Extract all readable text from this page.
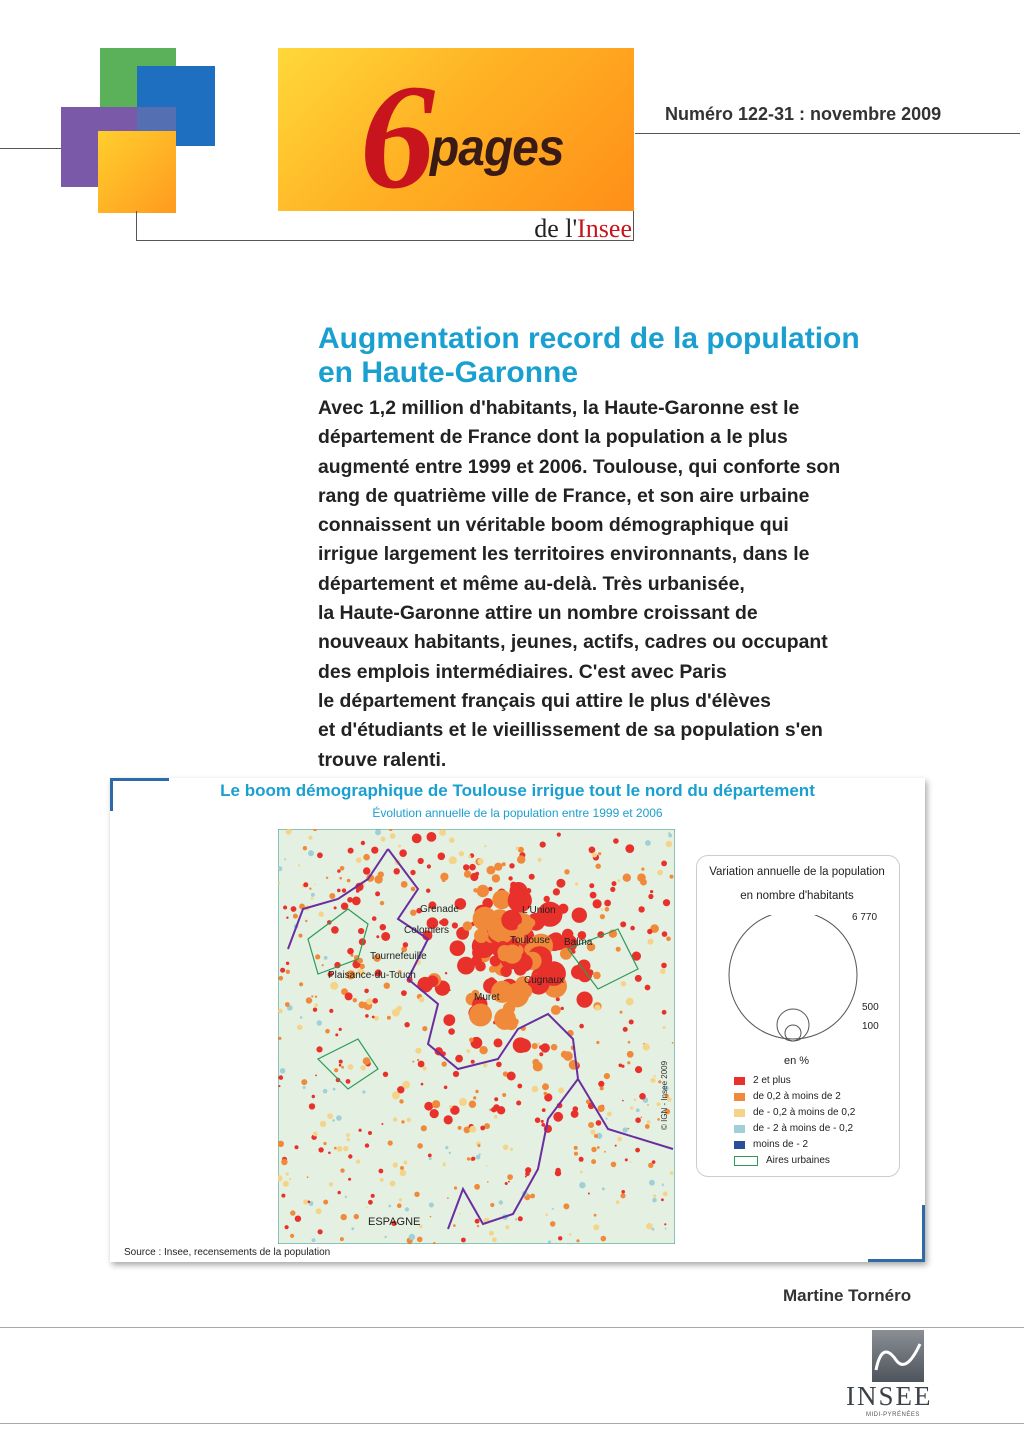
6
pages
de l'Insee
Numéro 122-31 : novembre 2009
Augmentation record de la population
en Haute-Garonne
Avec 1,2 million d'habitants, la Haute-Garonne est le
département de France dont la population a le plus
augmenté entre 1999 et 2006. Toulouse, qui conforte son
rang de quatrième ville de France, et son aire urbaine
connaissent un véritable boom démographique qui
irrigue largement les territoires environnants, dans le
département et même au-delà. Très urbanisée,
la Haute-Garonne attire un nombre croissant de
nouveaux habitants, jeunes, actifs, cadres ou occupant
des emplois intermédiaires. C'est avec Paris
le département français qui attire le plus d'élèves
et d'étudiants et le vieillissement de sa population s'en
trouve ralenti.
Le boom démographique de Toulouse irrigue tout le nord du département
Évolution annuelle de la population entre 1999 et 2006
Grenade	L'Union
Colomiers
Toulouse Balma
Tournefeuille
Plaisance-du-Touch	Cugnaux
Muret
ESPAGNE
© IGN - Insee 2009
Variation annuelle de la population
en nombre d'habitants
6 770
500
100
en %
2 et plus
de 0,2 à moins de 2
de - 0,2 à moins de 0,2
de - 2 à moins de - 0,2
moins de - 2
Aires urbaines
Source : Insee, recensements de la population
Martine Tornéro
INSEE
MIDI-PYRÉNÉES
